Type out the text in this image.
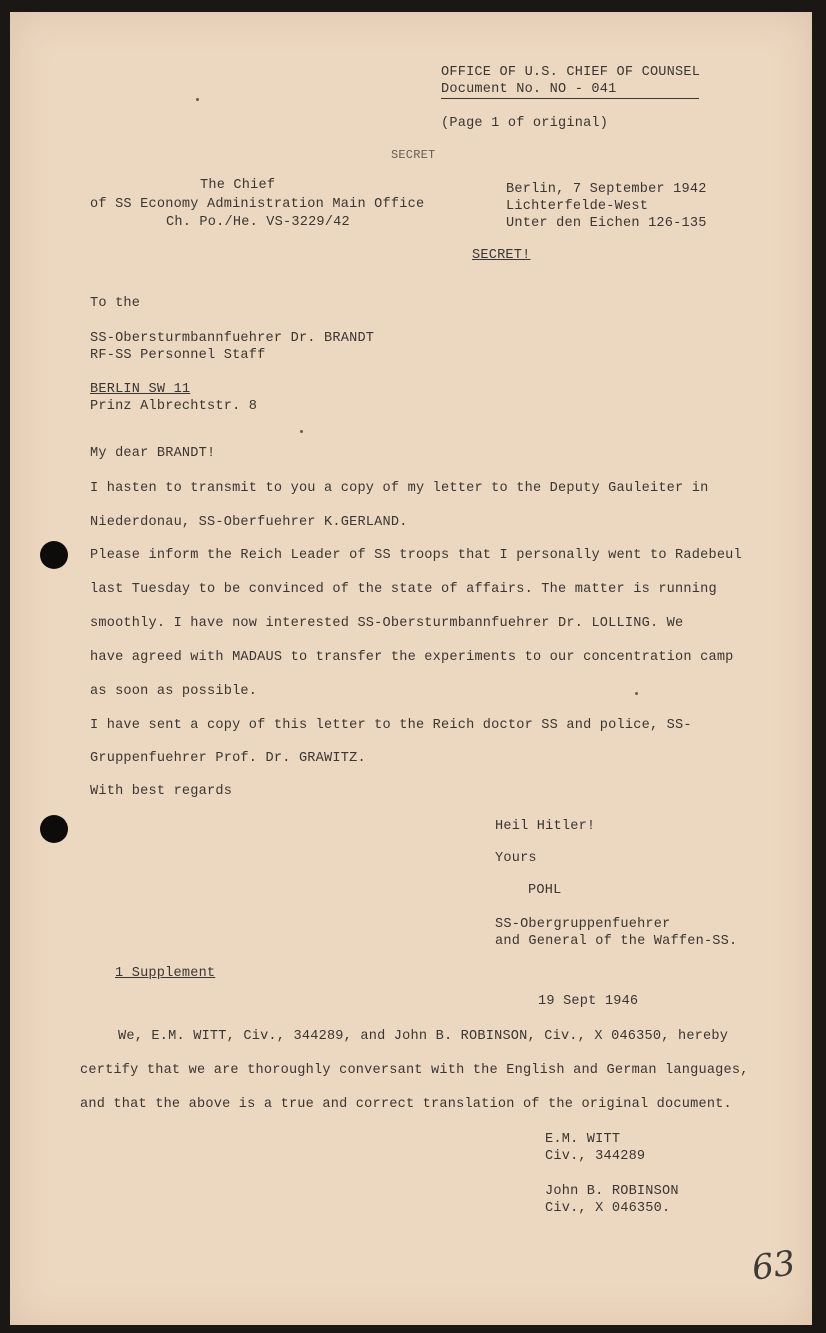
OFFICE OF U.S. CHIEF OF COUNSEL
Document No. NO - 041
(Page 1 of original)
SECRET
The Chief
of SS Economy Administration Main Office
Ch. Po./He. VS-3229/42
Berlin, 7 September 1942
Lichterfelde-West
Unter den Eichen 126-135
SECRET!
To the
SS-Obersturmbannfuehrer Dr. BRANDT
RF-SS Personnel Staff
BERLIN SW 11
Prinz Albrechtstr. 8
My dear BRANDT!
I hasten to transmit to you a copy of my letter to the Deputy Gauleiter in
Niederdonau, SS-Oberfuehrer K.GERLAND.
Please inform the Reich Leader of SS troops that I personally went to Radebeul
last Tuesday to be convinced of the state of affairs. The matter is running
smoothly. I have now interested SS-Obersturmbannfuehrer Dr. LOLLING. We
have agreed with MADAUS to transfer the experiments to our concentration camp
as soon as possible.
I have sent a copy of this letter to the Reich doctor SS and police, SS-
Gruppenfuehrer Prof. Dr. GRAWITZ.
With best regards
Heil Hitler!
Yours
POHL
SS-Obergruppenfuehrer
and General of the Waffen-SS.
1 Supplement
19 Sept 1946
We, E.M. WITT, Civ., 344289, and John B. ROBINSON, Civ., X 046350, hereby
certify that we are thoroughly conversant with the English and German languages,
and that the above is a true and correct translation of the original document.
E.M. WITT
Civ., 344289
John B. ROBINSON
Civ., X 046350.
63
